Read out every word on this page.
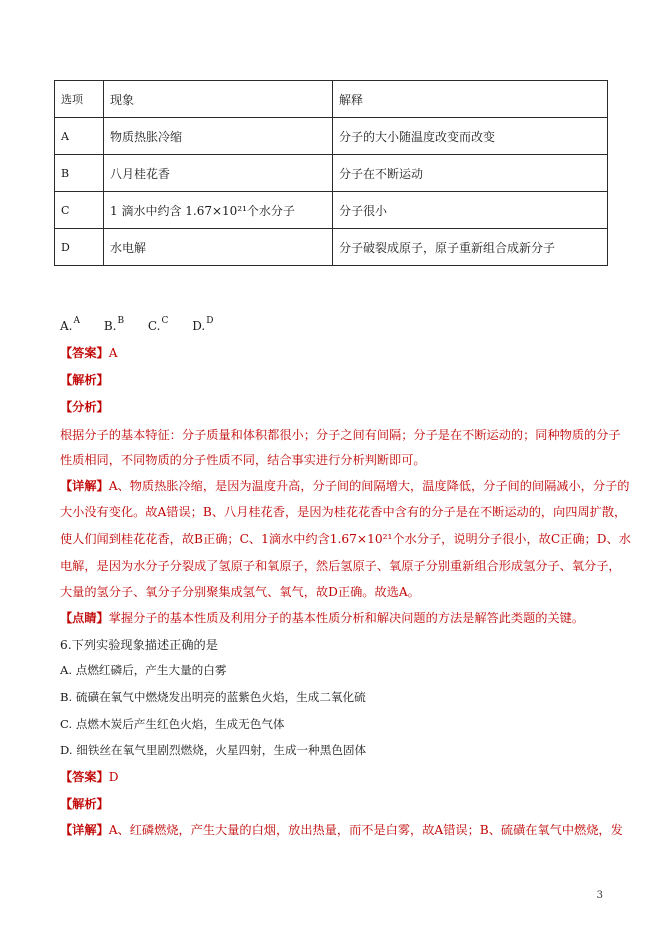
选项	现象	解释
A	物质热胀冷缩	分子的大小随温度改变而改变
B	八月桂花香	分子在不断运动
C	1 滴水中约含 1.67×10²¹个水分子	分子很小
D	水电解	分子破裂成原子，原子重新组合成新分子
A.$^A$ B.$^B$ C.$^C$ D.$^D$
【答案】A
【解析】
【分析】
根据分子的基本特征：分子质量和体积都很小；分子之间有间隔；分子是在不断运动的；同种物质的分子
性质相同，不同物质的分子性质不同，结合事实进行分析判断即可。
【详解】A、物质热胀冷缩，是因为温度升高，分子间的间隔增大，温度降低，分子间的间隔减小，分子的
大小没有变化。故A错误；B、八月桂花香，是因为桂花花香中含有的分子是在不断运动的，向四周扩散，
使人们闻到桂花花香，故B正确；C、1滴水中约含1.67×10²¹个水分子，说明分子很小，故C正确；D、水
电解，是因为水分子分裂成了氢原子和氧原子，然后氢原子、氧原子分别重新组合形成氢分子、氧分子，
大量的氢分子、氧分子分别聚集成氢气、氧气，故D正确。故选A。
【点睛】掌握分子的基本性质及利用分子的基本性质分析和解决问题的方法是解答此类题的关键。
6.下列实验现象描述正确的是
A. 点燃红磷后，产生大量的白雾
B. 硫磺在氧气中燃烧发出明亮的蓝紫色火焰，生成二氧化硫
C. 点燃木炭后产生红色火焰，生成无色气体
D. 细铁丝在氧气里剧烈燃烧，火星四射，生成一种黑色固体
【答案】D
【解析】
【详解】A、红磷燃烧，产生大量的白烟，放出热量，而不是白雾，故A错误；B、硫磺在氧气中燃烧，发
3
